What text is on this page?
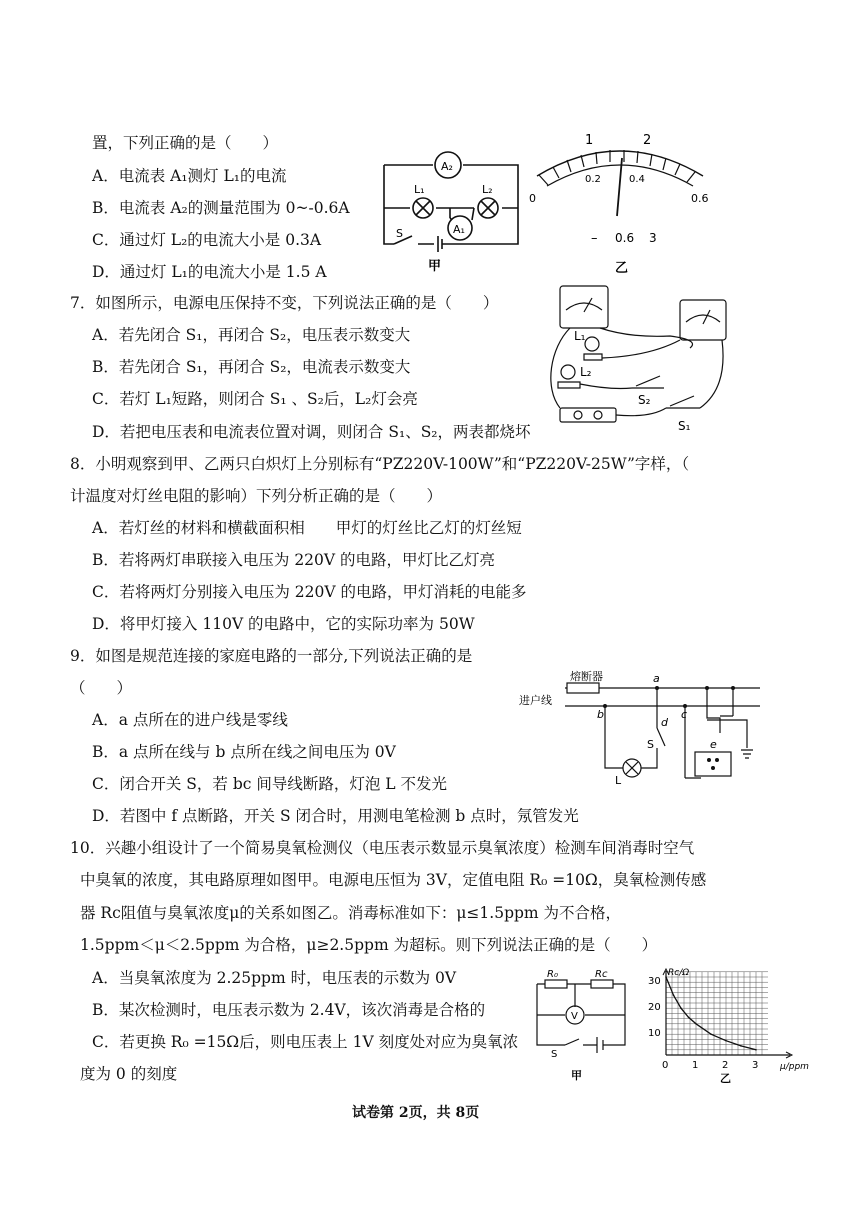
置，下列正确的是（　　）
A．电流表 A₁测灯 L₁的电流
B．电流表 A₂的测量范围为 0~-0.6A
C．通过灯 L₂的电流大小是 0.3A
D．通过灯 L₁的电流大小是 1.5 A
A₂
A₁
L₁	L₂
S
甲
1	2
0
0.2	0.4
0.6
– 0.6 3
乙
7．如图所示，电源电压保持不变，下列说法正确的是（　　）
A．若先闭合 S₁，再闭合 S₂，电压表示数变大
B．若先闭合 S₁，再闭合 S₂，电流表示数变大
C．若灯 L₁短路，则闭合 S₁ 、S₂后，L₂灯会亮
D．若把电压表和电流表位置对调，则闭合 S₁、S₂，两表都烧坏
L₁
L₂
S₂
S₁
8．小明观察到甲、乙两只白炽灯上分别标有“PZ220V-100W”和“PZ220V-25W”字样，（
计温度对灯丝电阻的影响）下列分析正确的是（　　）
A．若灯丝的材料和横截面积相　　甲灯的灯丝比乙灯的灯丝短
B．若将两灯串联接入电压为 220V 的电路，甲灯比乙灯亮
C．若将两灯分别接入电压为 220V 的电路，甲灯消耗的电能多
D．将甲灯接入 110V 的电路中，它的实际功率为 50W
9．如图是规范连接的家庭电路的一部分,下列说法正确的是
（　　）
A．a 点所在的进户线是零线
B．a 点所在线与 b 点所在线之间电压为 0V
C．闭合开关 S，若 bc 间导线断路，灯泡 L 不发光
D．若图中 f 点断路，开关 S 闭合时，用测电笔检测 b 点时，氖管发光
熔断器
进户线
a
b	c
d
e
S
L
10．兴趣小组设计了一个简易臭氧检测仪（电压表示数显示臭氧浓度）检测车间消毒时空气
中臭氧的浓度，其电路原理如图甲。电源电压恒为 3V，定值电阻 R₀ =10Ω，臭氧检测传感
器 Rc阻值与臭氧浓度μ的关系如图乙。消毒标准如下：μ≤1.5ppm 为不合格，
1.5ppm＜μ＜2.5ppm 为合格，μ≥2.5ppm 为超标。则下列说法正确的是（　　）
A．当臭氧浓度为 2.25ppm 时，电压表的示数为 0V
B．某次检测时，电压表示数为 2.4V，该次消毒是合格的
C．若更换 R₀ =15Ω后，则电压表上 1V 刻度处对应为臭氧浓
度为 0 的刻度
R₀	Rc
V
S
甲
Rc/Ω
μ/ppm
30
20
10
0 1 2 3
乙
试卷第 2页，共 8页
